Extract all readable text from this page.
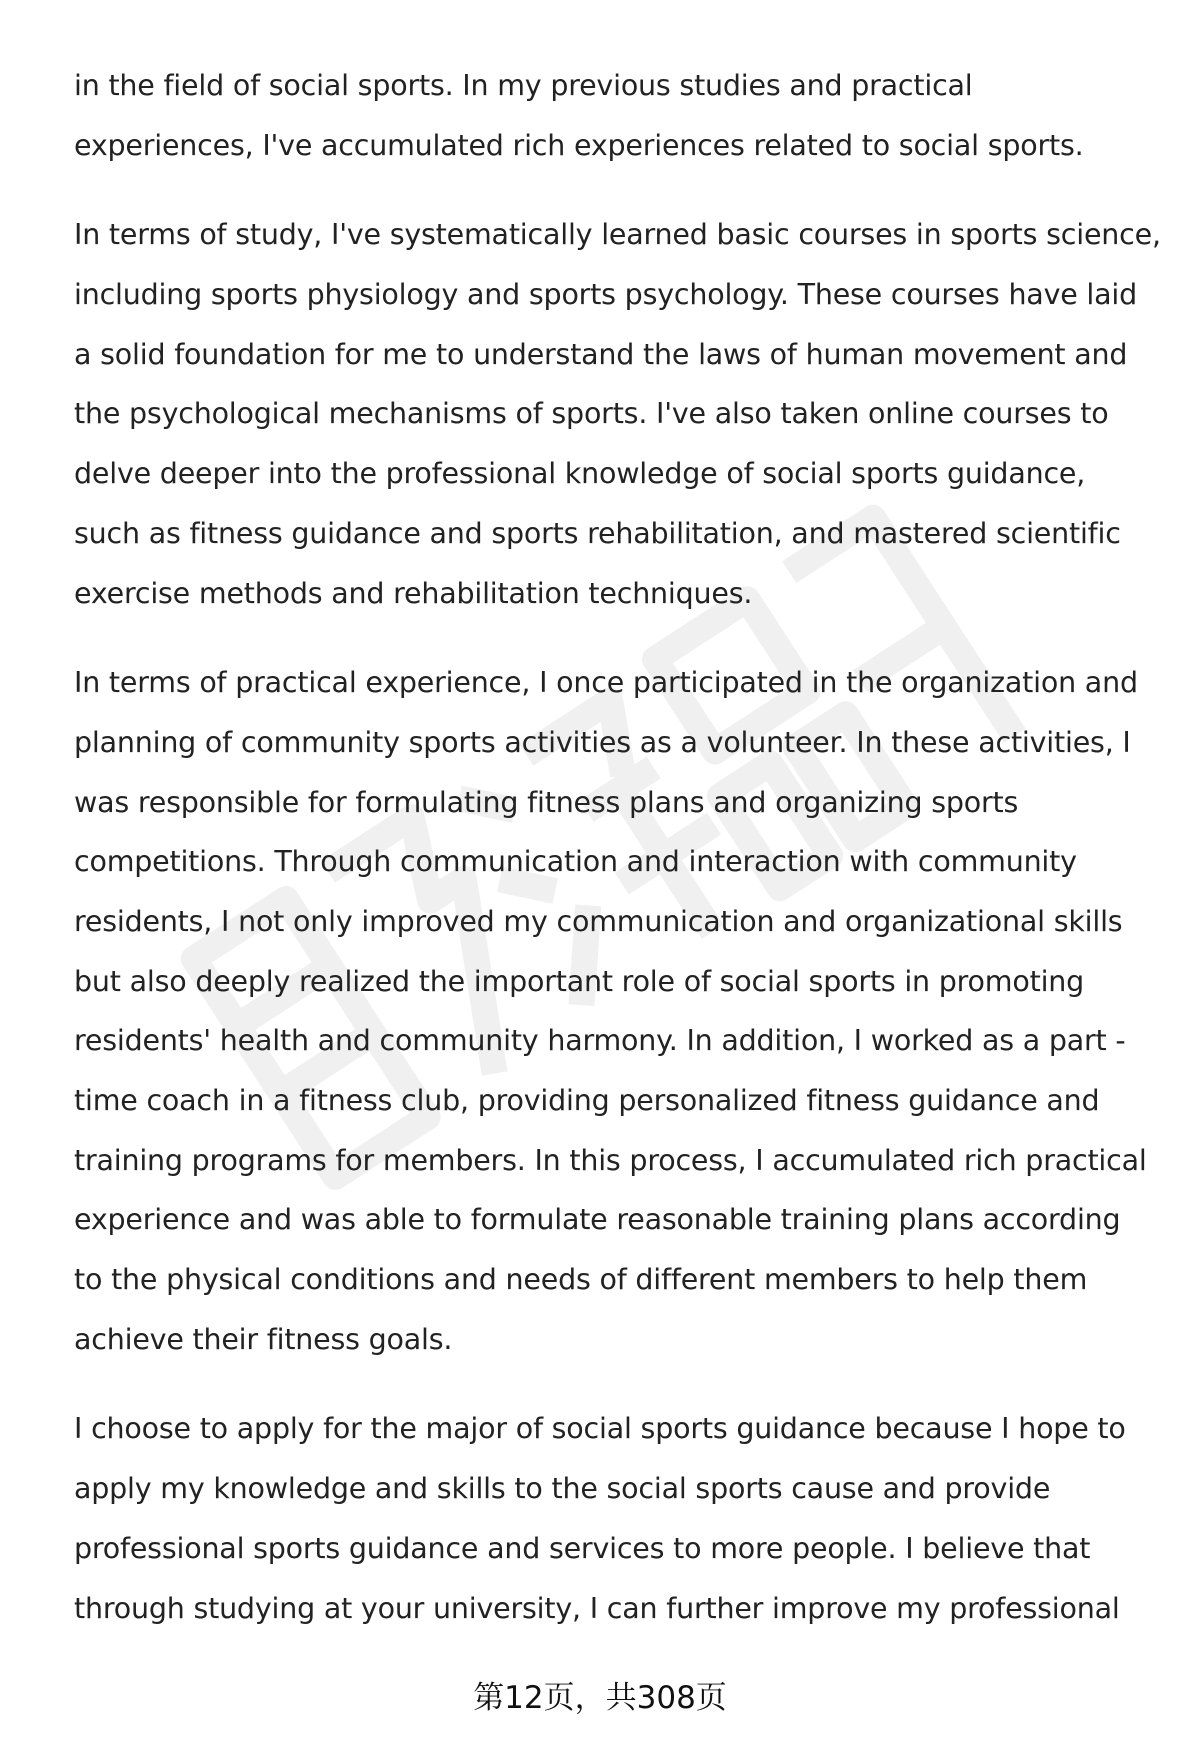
in the field of social sports. In my previous studies and practical
experiences, I've accumulated rich experiences related to social sports.

In terms of study, I've systematically learned basic courses in sports science,
including sports physiology and sports psychology. These courses have laid
a solid foundation for me to understand the laws of human movement and
the psychological mechanisms of sports. I've also taken online courses to
delve deeper into the professional knowledge of social sports guidance,
such as fitness guidance and sports rehabilitation, and mastered scientific
exercise methods and rehabilitation techniques.

In terms of practical experience, I once participated in the organization and
planning of community sports activities as a volunteer. In these activities, I
was responsible for formulating fitness plans and organizing sports
competitions. Through communication and interaction with community
residents, I not only improved my communication and organizational skills
but also deeply realized the important role of social sports in promoting
residents' health and community harmony. In addition, I worked as a part -
time coach in a fitness club, providing personalized fitness guidance and
training programs for members. In this process, I accumulated rich practical
experience and was able to formulate reasonable training plans according
to the physical conditions and needs of different members to help them
achieve their fitness goals.

I choose to apply for the major of social sports guidance because I hope to
apply my knowledge and skills to the social sports cause and provide
professional sports guidance and services to more people. I believe that
through studying at your university, I can further improve my professional

第12页，共308页
